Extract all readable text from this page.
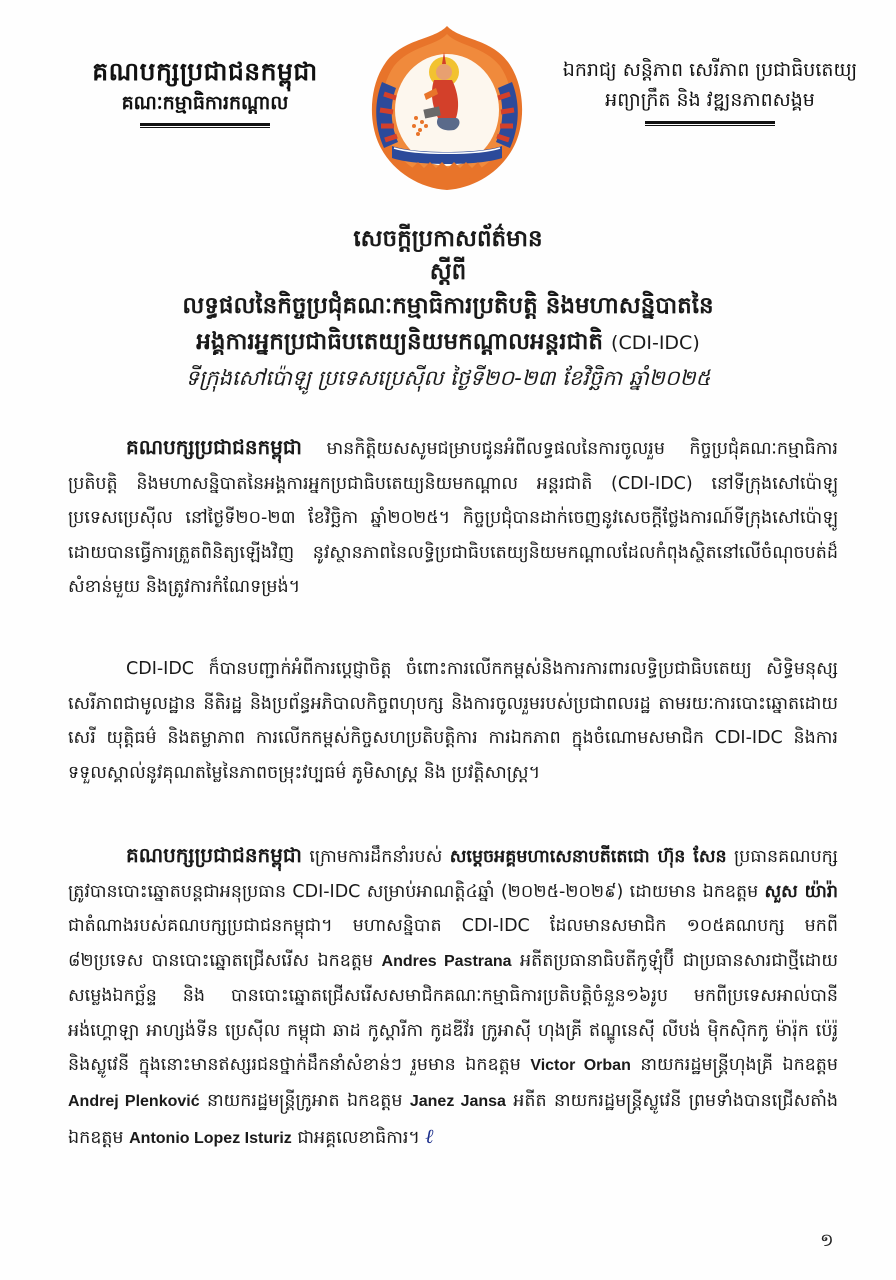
គណបក្សប្រជាជនកម្ពុជា
គណៈកម្មាធិការកណ្ដាល
ឯករាជ្យ សន្តិភាព សេរីភាព ប្រជាធិបតេយ្យ
អព្យាក្រឹត និង វឌ្ឍនភាពសង្គម
សេចក្ដីប្រកាសព័ត៌មាន
ស្ដីពី
លទ្ធផលនៃកិច្ចប្រជុំគណៈកម្មាធិការប្រតិបត្តិ និងមហាសន្និបាតនៃ
អង្គការអ្នកប្រជាធិបតេយ្យនិយមកណ្ដាលអន្តរជាតិ (CDI-IDC)
ទីក្រុងសៅប៉ោឡូ ប្រទេសប្រេស៊ីល ថ្ងៃទី២០-២៣ ខែវិច្ឆិកា ឆ្នាំ២០២៥
គណបក្សប្រជាជនកម្ពុជា មានកិត្តិយសសូមជម្រាបជូនអំពីលទ្ធផលនៃការចូលរួម កិច្ចប្រជុំគណៈកម្មាធិការប្រតិបត្តិ និងមហាសន្និបាតនៃអង្គការអ្នកប្រជាធិបតេយ្យនិយមកណ្ដាល អន្តរជាតិ (CDI-IDC) នៅទីក្រុងសៅប៉ោឡូ ប្រទេសប្រេស៊ីល នៅថ្ងៃទី២០-២៣ ខែវិច្ឆិកា ឆ្នាំ២០២៥។ កិច្ចប្រជុំបានដាក់ចេញនូវសេចក្ដីថ្លែងការណ៍ទីក្រុងសៅប៉ោឡូ ដោយបានធ្វើការត្រួតពិនិត្យឡើងវិញ នូវស្ថានភាពនៃលទ្ធិប្រជាធិបតេយ្យនិយមកណ្ដាលដែលកំពុងស្ថិតនៅលើចំណុចបត់ដ៏សំខាន់មួយ និងត្រូវការកំណែទម្រង់។
CDI-IDC ក៏បានបញ្ជាក់អំពីការប្ដេជ្ញាចិត្ត ចំពោះការលើកកម្ពស់និងការការពារលទ្ធិប្រជាធិបតេយ្យ សិទ្ធិមនុស្ស សេរីភាពជាមូលដ្ឋាន នីតិរដ្ឋ និងប្រព័ន្ធអភិបាលកិច្ចពហុបក្ស និងការចូលរួមរបស់ប្រជាពលរដ្ឋ តាមរយៈការបោះឆ្នោតដោយសេរី យុត្តិធម៌ និងតម្លាភាព ការលើកកម្ពស់កិច្ចសហប្រតិបត្តិការ ការឯកភាព ក្នុងចំណោមសមាជិក CDI-IDC និងការទទួលស្គាល់នូវគុណតម្លៃនៃភាពចម្រុះវប្បធម៌ ភូមិសាស្ត្រ និង ប្រវត្តិសាស្ត្រ។
គណបក្សប្រជាជនកម្ពុជា ក្រោមការដឹកនាំរបស់ សម្ដេចអគ្គមហាសេនាបតីតេជោ ហ៊ុន សែន ប្រធានគណបក្ស ត្រូវបានបោះឆ្នោតបន្តជាអនុប្រធាន CDI-IDC សម្រាប់អាណត្តិ៤ឆ្នាំ (២០២៥-២០២៩) ដោយមាន ឯកឧត្តម សួស យ៉ារ៉ា ជាតំណាងរបស់គណបក្សប្រជាជនកម្ពុជា។ មហាសន្និបាត CDI-IDC ដែលមានសមាជិក ១០៥គណបក្ស មកពី ៨២ប្រទេស បានបោះឆ្នោតជ្រើសរើស ឯកឧត្តម Andres Pastrana អតីតប្រធានាធិបតីកូឡុំប៊ី ជាប្រធានសារជាថ្មីដោយសម្លេងឯកច្ឆ័ន្ទ និង បានបោះឆ្នោតជ្រើសរើសសមាជិកគណៈកម្មាធិការប្រតិបត្តិចំនួន១៦រូប មកពីប្រទេសអាល់បានី អង់ហ្គោឡា អាហ្សង់ទីន ប្រេស៊ីល កម្ពុជា ឆាដ កូស្តារីកា កូដឌីវ័រ ក្រូអាស៊ី ហុងគ្រី ឥណ្ឌូនេស៊ី លីបង់ ម៉ិកស៊ិកកូ ម៉ារ៉ុក ប៉េរ៉ូ និងស្លូវេនី ក្នុងនោះមានឥស្សរជនថ្នាក់ដឹកនាំសំខាន់ៗ រួមមាន ឯកឧត្តម Victor Orban នាយករដ្ឋមន្ត្រីហុងគ្រី ឯកឧត្តម Andrej Plenković នាយករដ្ឋមន្ត្រីក្រូអាត ឯកឧត្តម Janez Jansa អតីត នាយករដ្ឋមន្ត្រីស្លូវេនី ព្រមទាំងបានជ្រើសតាំង ឯកឧត្តម Antonio Lopez Isturiz ជាអគ្គលេខាធិការ។ ℓ
១
